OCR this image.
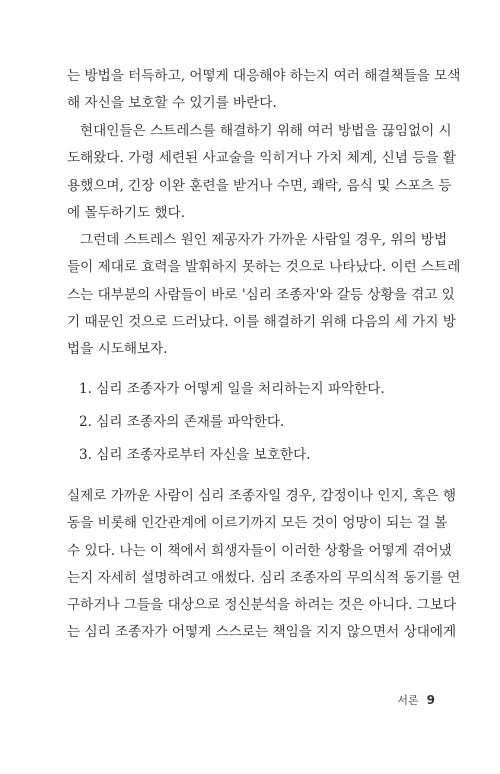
는 방법을 터득하고, 어떻게 대응해야 하는지 여러 해결책들을 모색
해 자신을 보호할 수 있기를 바란다.
현대인들은 스트레스를 해결하기 위해 여러 방법을 끊임없이 시
도해왔다. 가령 세련된 사교술을 익히거나 가치 체계, 신념 등을 활
용했으며, 긴장 이완 훈련을 받거나 수면, 쾌락, 음식 및 스포츠 등
에 몰두하기도 했다.
그런데 스트레스 원인 제공자가 가까운 사람일 경우, 위의 방법
들이 제대로 효력을 발휘하지 못하는 것으로 나타났다. 이런 스트레
스는 대부분의 사람들이 바로 '심리 조종자'와 갈등 상황을 겪고 있
기 때문인 것으로 드러났다. 이를 해결하기 위해 다음의 세 가지 방
법을 시도해보자.
1. 심리 조종자가 어떻게 일을 처리하는지 파악한다.
2. 심리 조종자의 존재를 파악한다.
3. 심리 조종자로부터 자신을 보호한다.
실제로 가까운 사람이 심리 조종자일 경우, 감정이나 인지, 혹은 행
동을 비롯해 인간관계에 이르기까지 모든 것이 엉망이 되는 걸 볼
수 있다. 나는 이 책에서 희생자들이 이러한 상황을 어떻게 겪어냈
는지 자세히 설명하려고 애썼다. 심리 조종자의 무의식적 동기를 연
구하거나 그들을 대상으로 정신분석을 하려는 것은 아니다. 그보다
는 심리 조종자가 어떻게 스스로는 책임을 지지 않으면서 상대에게
서론 9
